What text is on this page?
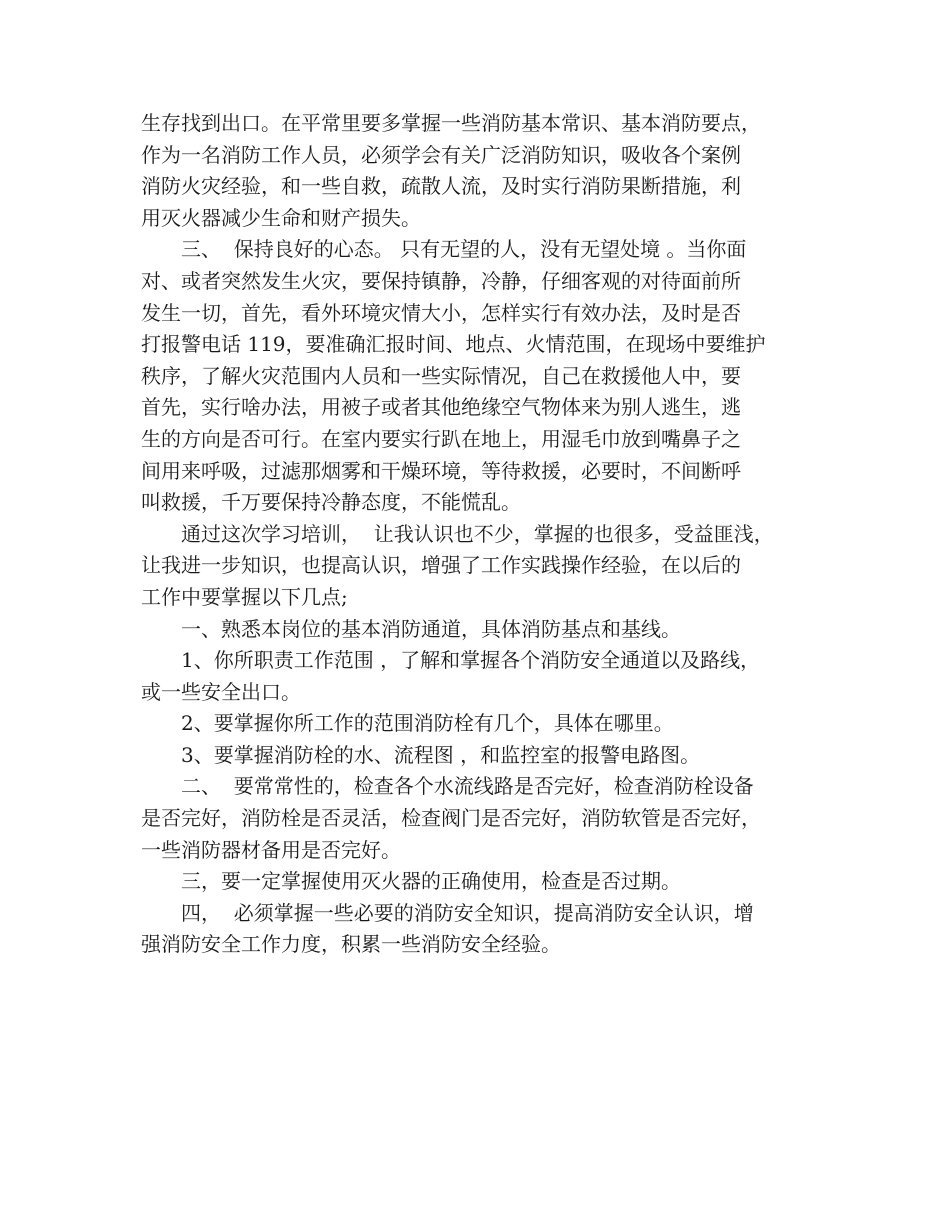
生存找到出口。在平常里要多掌握一些消防基本常识、基本消防要点，
作为一名消防工作人员，必须学会有关广泛消防知识，吸收各个案例
消防火灾经验，和一些自救，疏散人流，及时实行消防果断措施，利
用灭火器减少生命和财产损失。
　　三、  保持良好的心态。 只有无望的人，没有无望处境 。当你面
对、或者突然发生火灾，要保持镇静，冷静，仔细客观的对待面前所
发生一切，首先，看外环境灾情大小，怎样实行有效办法，及时是否
打报警电话 119，要准确汇报时间、地点、火情范围，在现场中要维护
秩序，了解火灾范围内人员和一些实际情况，自己在救援他人中，要
首先，实行啥办法，用被子或者其他绝缘空气物体来为别人逃生，逃
生的方向是否可行。在室内要实行趴在地上，用湿毛巾放到嘴鼻子之
间用来呼吸，过滤那烟雾和干燥环境，等待救援，必要时，不间断呼
叫救援，千万要保持冷静态度，不能慌乱。
　　通过这次学习培训，  让我认识也不少，掌握的也很多，受益匪浅，
让我进一步知识，也提高认识，增强了工作实践操作经验，在以后的
工作中要掌握以下几点;
　　一、熟悉本岗位的基本消防通道，具体消防基点和基线。
　　1、你所职责工作范围 ，了解和掌握各个消防安全通道以及路线，
或一些安全出口。
　　2、要掌握你所工作的范围消防栓有几个，具体在哪里。
　　3、要掌握消防栓的水、流程图 ，和监控室的报警电路图。
　　二、  要常常性的，检查各个水流线路是否完好，检查消防栓设备
是否完好，消防栓是否灵活，检查阀门是否完好，消防软管是否完好，
一些消防器材备用是否完好。
　　三，要一定掌握使用灭火器的正确使用，检查是否过期。
　　四，  必须掌握一些必要的消防安全知识，提高消防安全认识，增
强消防安全工作力度，积累一些消防安全经验。
